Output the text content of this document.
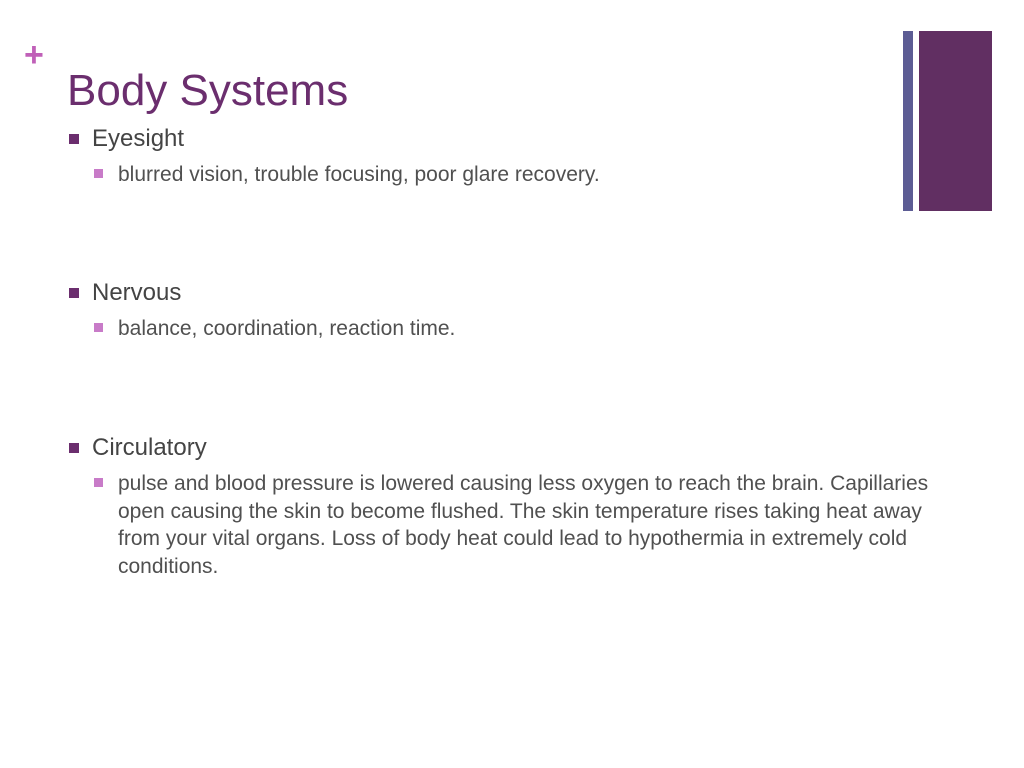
+
Body Systems
Eyesight
blurred vision, trouble focusing, poor glare recovery.
Nervous
balance, coordination, reaction time.
Circulatory
pulse and blood pressure is lowered causing less oxygen to reach the brain. Capillaries open causing the skin to become flushed. The skin temperature rises taking heat away from your vital organs. Loss of body heat could lead to hypothermia in extremely cold conditions.
